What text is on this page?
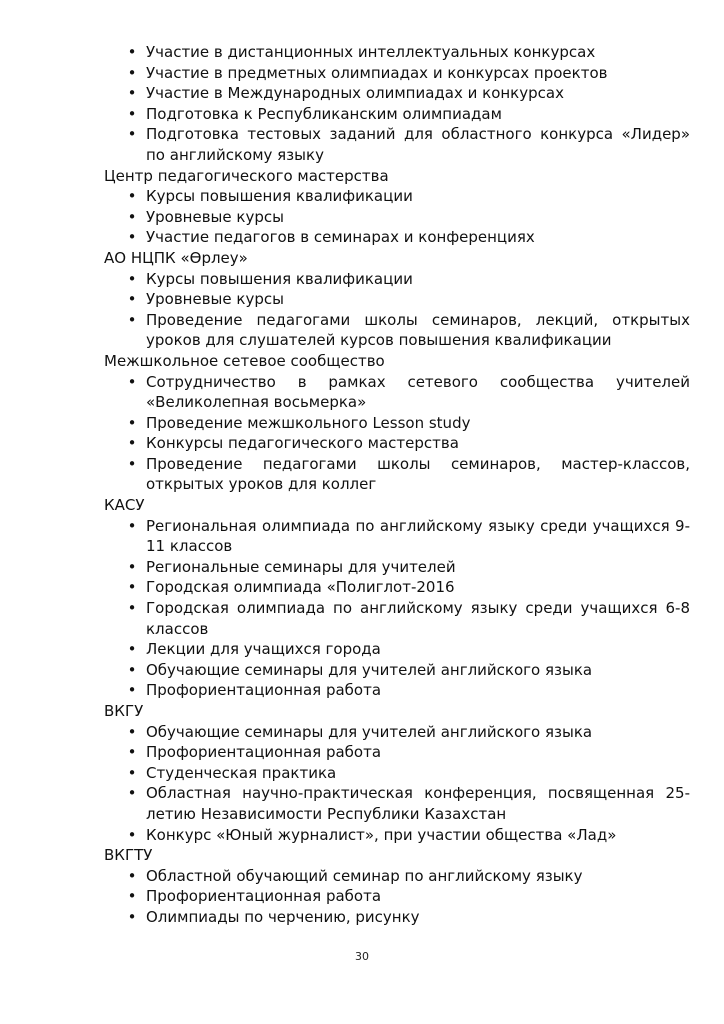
• Участие в дистанционных интеллектуальных конкурсах
• Участие в предметных олимпиадах и конкурсах проектов
• Участие в Международных олимпиадах и конкурсах
• Подготовка к Республиканским олимпиадам
• Подготовка тестовых заданий для областного конкурса «Лидер» по английскому языку

Центр педагогического мастерства

• Курсы повышения квалификации
• Уровневые курсы
• Участие педагогов в семинарах и конференциях

АО НЦПК «Өрлеу»

• Курсы повышения квалификации
• Уровневые курсы
• Проведение педагогами школы семинаров, лекций, открытых уроков для слушателей курсов повышения квалификации

Межшкольное сетевое сообщество

• Сотрудничество в рамках сетевого сообщества учителей «Великолепная восьмерка»
• Проведение межшкольного Lesson study
• Конкурсы педагогического мастерства
• Проведение педагогами школы семинаров, мастер-классов, открытых уроков для коллег

КАСУ

• Региональная олимпиада по английскому языку среди учащихся 9-11 классов
• Региональные семинары для учителей
• Городская олимпиада «Полиглот-2016
• Городская олимпиада по английскому языку среди учащихся 6-8 классов
• Лекции для учащихся города
• Обучающие семинары для учителей английского языка
• Профориентационная работа

ВКГУ

• Обучающие семинары для учителей английского языка
• Профориентационная работа
• Студенческая практика
• Областная научно-практическая конференция, посвященная 25-летию Независимости Республики Казахстан
• Конкурс «Юный журналист», при участии общества «Лад»

ВКГТУ

• Областной обучающий семинар по английскому языку
• Профориентационная работа
• Олимпиады по черчению, рисунку
30
